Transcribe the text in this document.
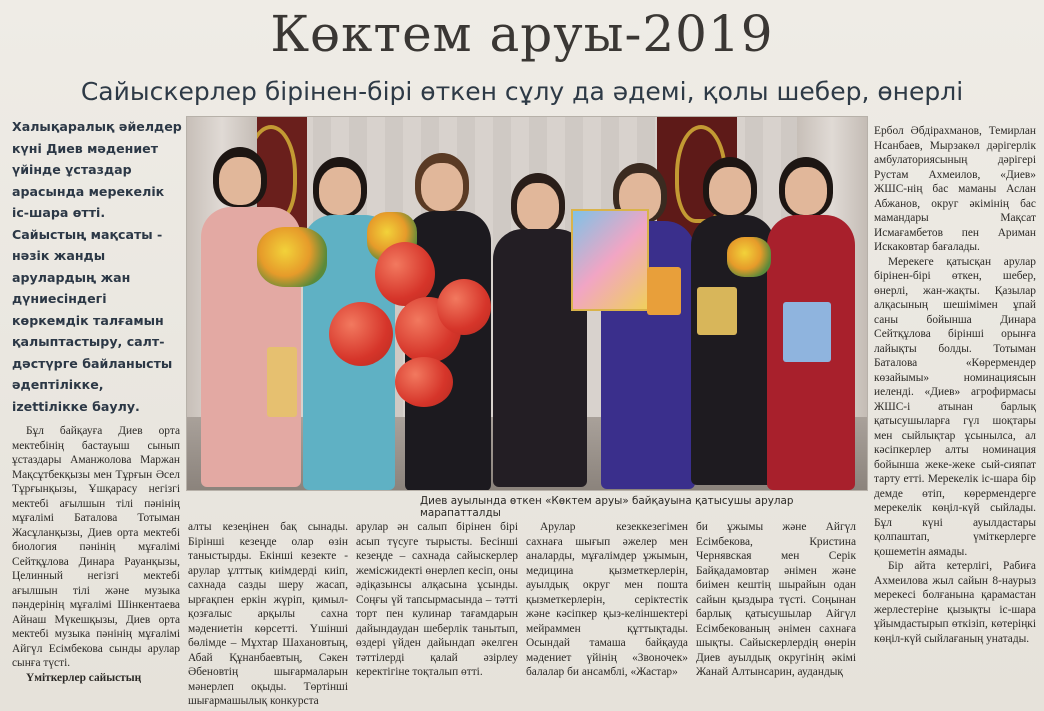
Көктем аруы-2019
Сайыскерлер бірінен-бірі өткен сұлу да әдемі, қолы шебер, өнерлі
Халықаралық әйелдер күні Диев мәдениет үйінде ұстаздар арасында мерекелік іс-шара өтті. Сайыстың мақсаты - нәзік жанды арулардың жан дүниесіндегі көркемдік талғамын қалыптастыру, салт-дәстүрге байланысты әдептілікке, izettілікке баулу.
Диев ауылында өткен «Көктем аруы» байқауына қатысушы арулар марапатталды

Бұл байқауға Диев орта мектебінің бастауыш сынып ұстаздары Аманжолова Маржан Мақсұтбекқызы мен Тұрғын Әсел Тұрғынқызы, Ұшқарасу негізгі мектебі ағылшын тілі пәнінің мұғалімі Баталова Тотыман Жасұланқызы, Диев орта мектебі биология пәнінің мұғалімі Сейтқұлова Динара Рауанқызы, Целинный негізгі мектебі ағылшын тілі және музыка пәндерінің мұғалімі Шінкентаева Айнаш Мүкешқызы, Диев орта мектебі музыка пәнінің мұғалімі Айгүл Есімбекова сынды арулар сынға түсті.

Үміткерлер сайыстың

алты кезеңінен бақ сынады. Бірінші кезеңде олар өзін таныстырды. Екінші кезекте - арулар ұлттық киімдерді киіп, сахнада сазды шеру жасап, ырғақпен еркін жүріп, қимыл-қозғалыс арқылы сахна мәдениетін көрсетті. Үшінші бөлімде – Мұхтар Шахановтың, Абай Құнанбаевтың, Сәкен Әбеновтің шығармаларын мәнерлеп оқыды. Төртінші шығармашылық конкурста

арулар ән салып бірінен бірі асып түсуге тырысты. Бесінші кезеңде – сахнада сайыскерлер жемісжидекті өнерлеп кесіп, оны әдіқазынсы алқасына ұсынды. Соңғы үй тапсырмасында – тәтті торт пен кулинар тағамдарын дайындаудан шеберлік танытып, өздері үйден дайындап әкелген тәттілерді қалай әзірлеу керектігіне тоқталып өтті.

Арулар кезеккезегімен сахнаға шығып әжелер мен аналарды, мұғалімдер ұжымын, медицина қызметкерлерін, ауылдық округ мен пошта қызметкерлерін, серіктестік және кәсіпкер қыз-келіншектері мейраммен құттықтады. Осындай тамаша байқауда мәдениет үйінің «Звоночек» балалар би ансамблі, «Жастар»

би ұжымы және Айгүл Есімбекова, Кристина Чернявская мен Серік Байқадамовтар әнімен және биімен кештің шырайын одан сайын қыздыра түсті. Соңынан барлық қатысушылар Айгүл Есімбекованың әнімен сахнаға шықты. Сайыскерлердің өнерін Диев ауылдық округінің әкімі Жанай Алтынсарин, аудандық

Ербол Әбдірахманов, Темирлан Нсанбаев, Мырзакөл дәрігерлік амбулаториясының дәрігері Рустам Ахмеилов, «Диев» ЖШС-нің бас маманы Аслан Абжанов, округ әкімінің бас мамандары Мақсат Исмағамбетов пен Ариман Искаковтар бағалады.

Мерекеге қатысқан арулар бірінен-бірі өткен, шебер, өнерлі, жан-жақты. Қазылар алқасының шешімімен ұпай саны бойынша Динара Сейтқұлова бірінші орынға лайықты болды. Тотыман Баталова «Көрермендер көзайымы» номинациясын иеленді. «Диев» агрофирмасы ЖШС-і атынан барлық қатысушыларға гүл шоқтары мен сыйлықтар ұсынылса, ал кәсіпкерлер алты номинация бойынша жеке-жеке сый-сияпат тарту етті. Мерекелік іс-шара бір демде өтіп, көрермендерге мерекелік көңіл-күй сыйлады. Бұл күні ауылдастары қолпаштап, үміткерлерге қошеметін аямады.

Бір айта кетерлігі, Рабиға Ахмеилова жыл сайын 8-наурыз мерекесі болғанына қарамастан жерлестеріне қызықты іс-шара ұйымдастырып өткізіп, көтеріңкі көңіл-күй сыйлағаның унатады.
